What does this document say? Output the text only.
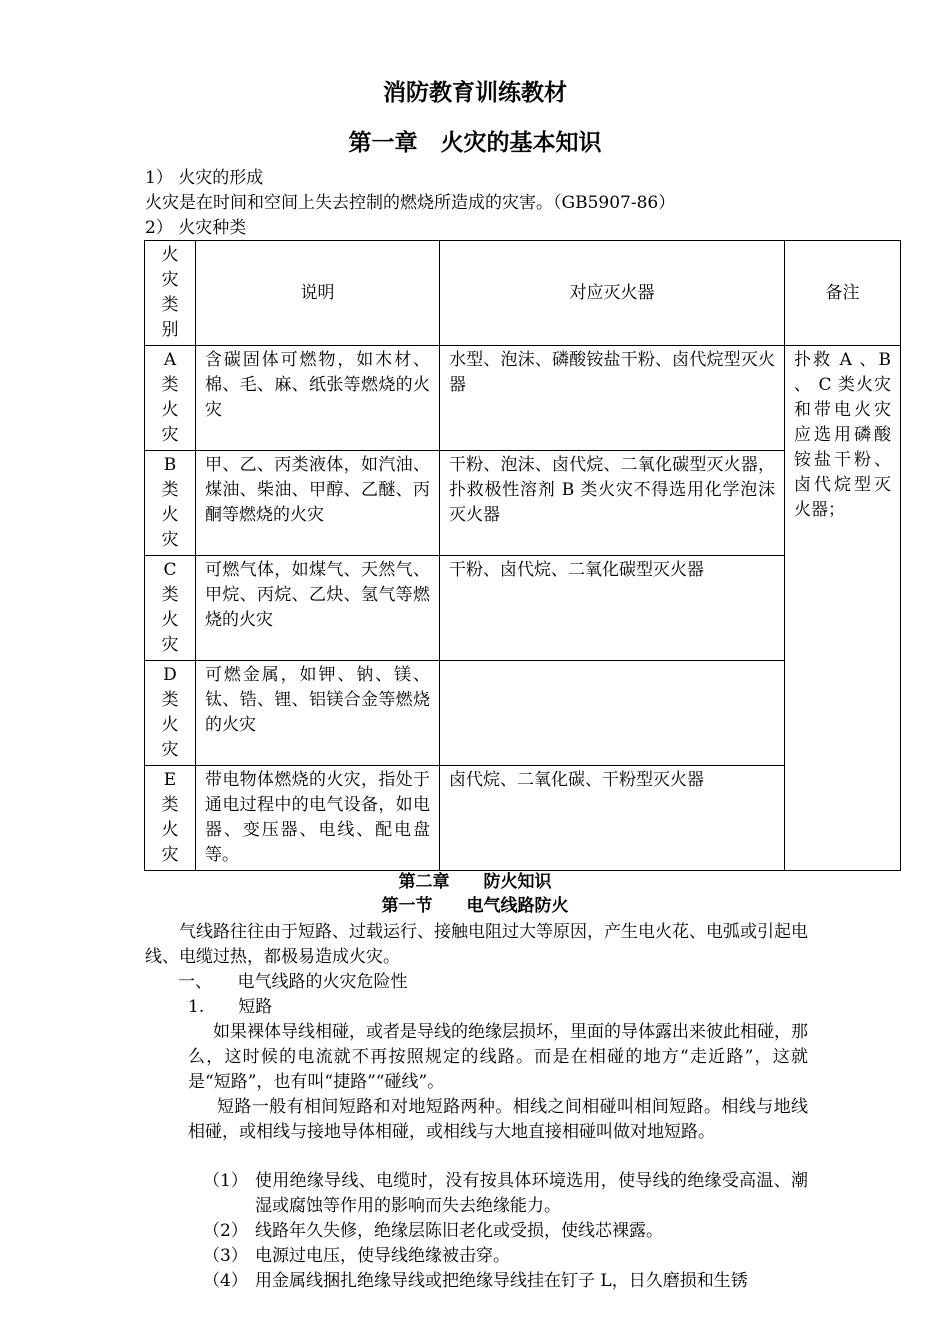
消防教育训练教材
第一章　火灾的基本知识
1） 火灾的形成
火灾是在时间和空间上失去控制的燃烧所造成的灾害。（GB5907-86）
2） 火灾种类
火灾类别	说明	对应灭火器	备注

A类火灾	含碳固体可燃物，如木材、棉、毛、麻、纸张等燃烧的火灾	水型、泡沫、磷酸铵盐干粉、卤代烷型灭火器	扑救 A 、B 、 C 类火灾和带电火灾应选用磷酸铵盐干粉、卤代烷型灭火器；

B类火灾	甲、乙、丙类液体，如汽油、煤油、柴油、甲醇、乙醚、丙酮等燃烧的火灾	干粉、泡沫、卤代烷、二氧化碳型灭火器，扑救极性溶剂 B 类火灾不得选用化学泡沫灭火器	

C类火灾	可燃气体，如煤气、天然气、甲烷、丙烷、乙炔、氢气等燃烧的火灾	干粉、卤代烷、二氧化碳型灭火器	

D类火灾	可燃金属，如钾、钠、镁、钛、锆、锂、铝镁合金等燃烧的火灾		

E类火灾	带电物体燃烧的火灾，指处于通电过程中的电气设备，如电器、变压器、电线、配电盘等。	卤代烷、二氧化碳、干粉型灭火器	
第二章　　防火知识
第一节　　电气线路防火
气线路往往由于短路、过载运行、接触电阻过大等原因，产生电火花、电弧或引起电线、电缆过热，都极易造成火灾。
一、　　电气线路的火灾危险性
1.　　短路
如果裸体导线相碰，或者是导线的绝缘层损坏，里面的导体露出来彼此相碰，那么，这时候的电流就不再按照规定的线路。而是在相碰的地方“走近路”，这就是“短路”，也有叫“捷路”“碰线”。
短路一般有相间短路和对地短路两种。相线之间相碰叫相间短路。相线与地线相碰，或相线与接地导体相碰，或相线与大地直接相碰叫做对地短路。
（1） 使用绝缘导线、电缆时，没有按具体环境选用，使导线的绝缘受高温、潮湿或腐蚀等作用的影响而失去绝缘能力。
（2） 线路年久失修，绝缘层陈旧老化或受损，使线芯裸露。
（3） 电源过电压，使导线绝缘被击穿。
（4） 用金属线捆扎绝缘导线或把绝缘导线挂在钉子 L，日久磨损和生锈
